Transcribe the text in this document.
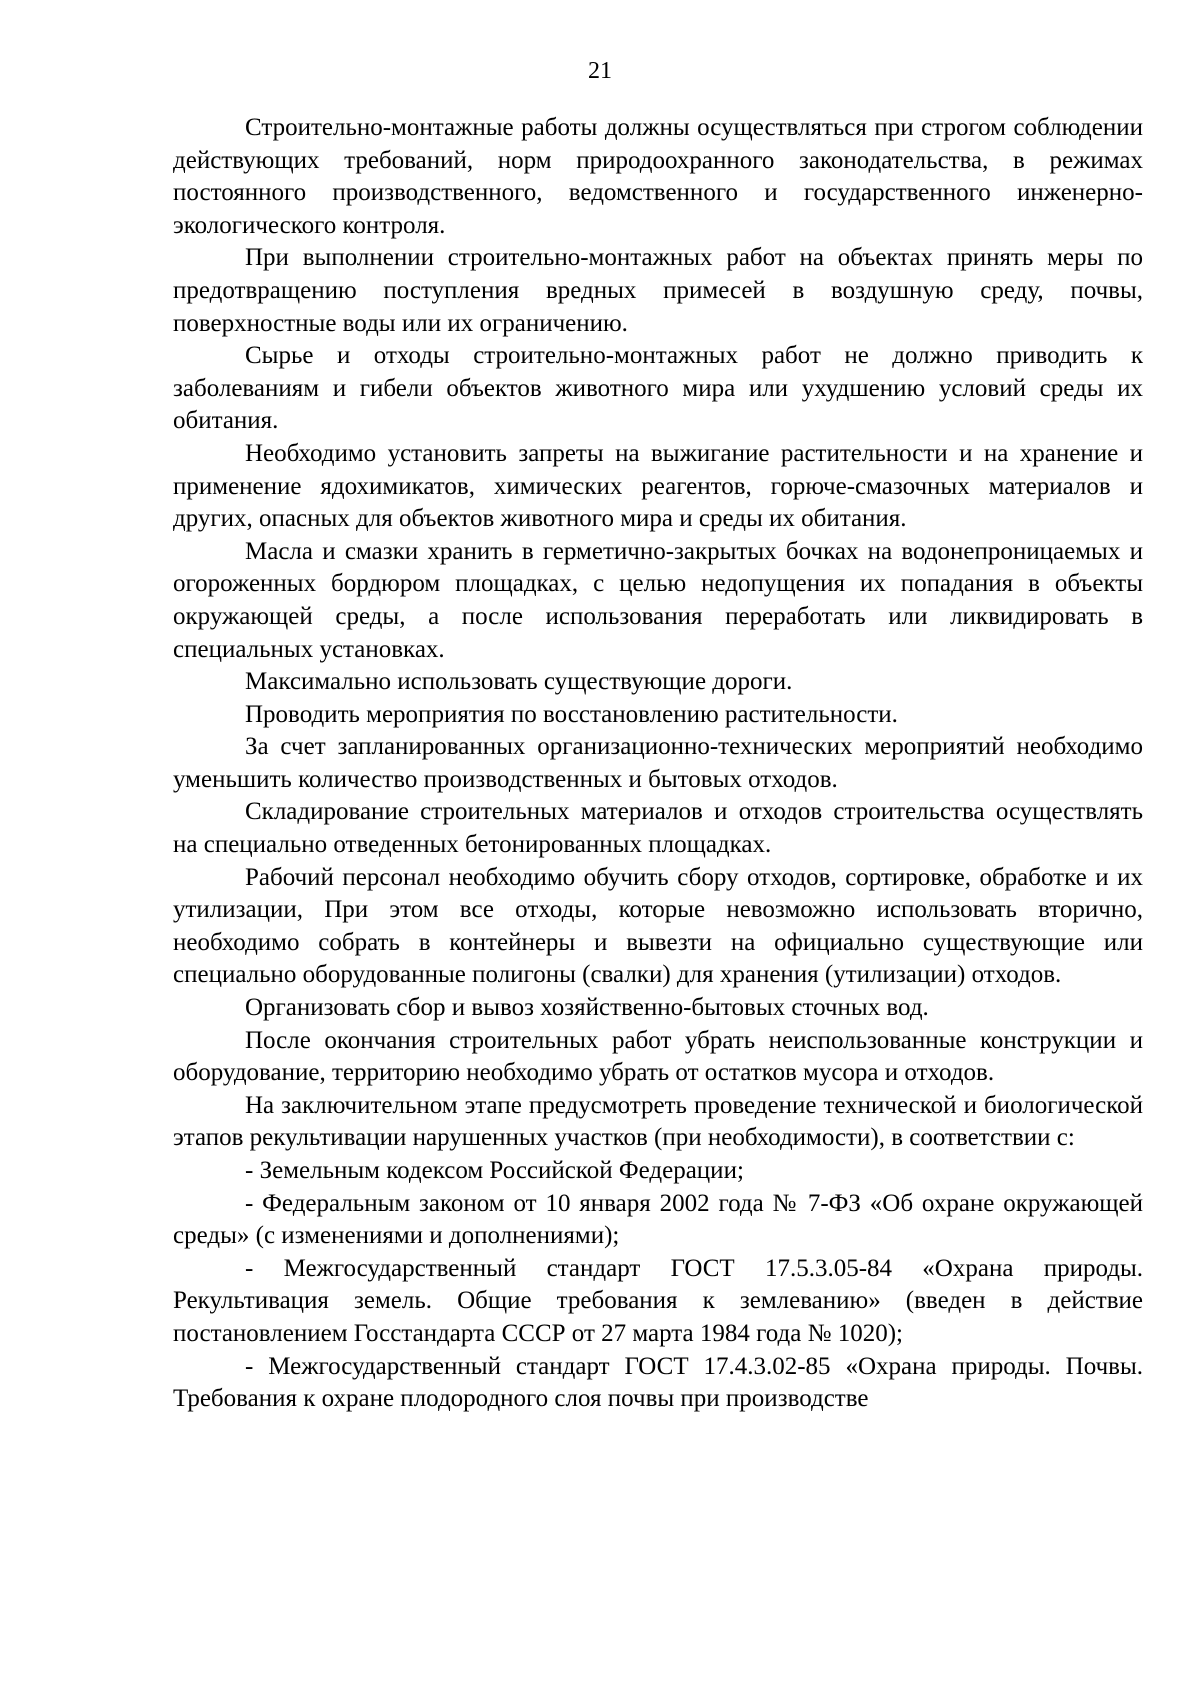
21

Строительно-монтажные работы должны осуществляться при строгом соблюдении действующих требований, норм природоохранного законодательства, в режимах постоянного производственного, ведомственного и государственного инженерно-экологического контроля.

При выполнении строительно-монтажных работ на объектах принять меры по предотвращению поступления вредных примесей в воздушную среду, почвы, поверхностные воды или их ограничению.

Сырье и отходы строительно-монтажных работ не должно приводить к заболеваниям и гибели объектов животного мира или ухудшению условий среды их обитания.

Необходимо установить запреты на выжигание растительности и на хранение и применение ядохимикатов, химических реагентов, горюче-смазочных материалов и других, опасных для объектов животного мира и среды их обитания.

Масла и смазки хранить в герметично-закрытых бочках на водонепроницаемых и огороженных бордюром площадках, с целью недопущения их попадания в объекты окружающей среды, а после использования переработать или ликвидировать в специальных установках.

Максимально использовать существующие дороги.

Проводить мероприятия по восстановлению растительности.

За счет запланированных организационно-технических мероприятий необходимо уменьшить количество производственных и бытовых отходов.

Складирование строительных материалов и отходов строительства осуществлять на специально отведенных бетонированных площадках.

Рабочий персонал необходимо обучить сбору отходов, сортировке, обработке и их утилизации, При этом все отходы, которые невозможно использовать вторично, необходимо собрать в контейнеры и вывезти на официально существующие или специально оборудованные полигоны (свалки) для хранения (утилизации) отходов.

Организовать сбор и вывоз хозяйственно-бытовых сточных вод.

После окончания строительных работ убрать неиспользованные конструкции и оборудование, территорию необходимо убрать от остатков мусора и отходов.

На заключительном этапе предусмотреть проведение технической и биологической этапов рекультивации нарушенных участков (при необходимости), в соответствии с:

- Земельным кодексом Российской Федерации;

- Федеральным законом от 10 января 2002 года № 7-ФЗ «Об охране окружающей среды» (с изменениями и дополнениями);

- Межгосударственный стандарт ГОСТ 17.5.3.05-84 «Охрана природы. Рекультивация земель. Общие требования к землеванию» (введен в действие постановлением Госстандарта СССР от 27 марта 1984 года № 1020);

- Межгосударственный стандарт ГОСТ 17.4.3.02-85 «Охрана природы. Почвы. Требования к охране плодородного слоя почвы при производстве
